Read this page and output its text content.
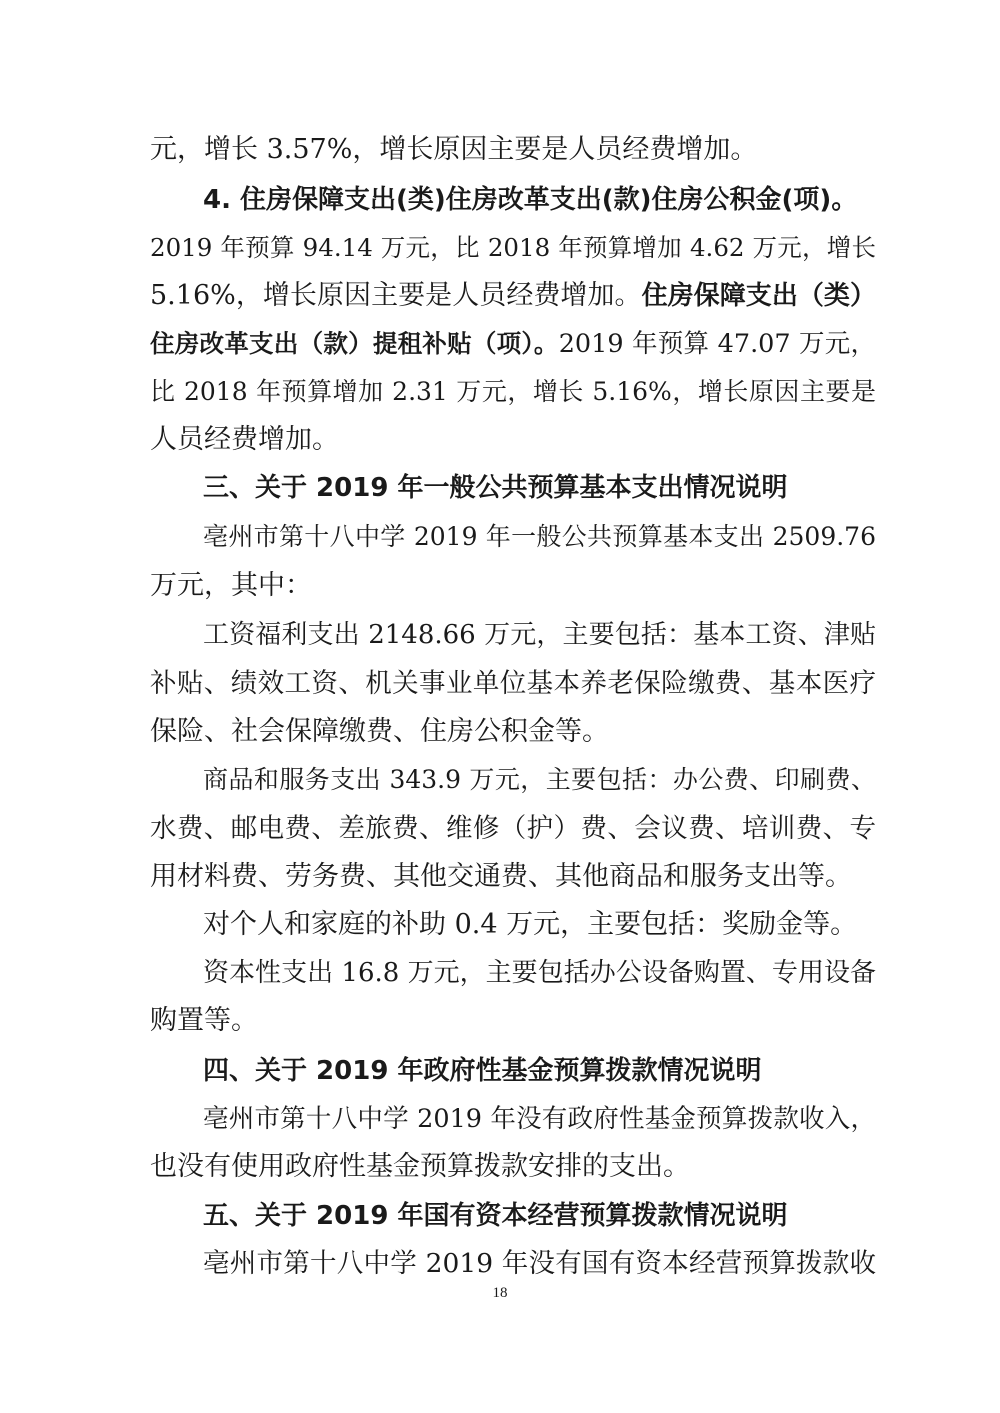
元，增长 3.57%，增长原因主要是人员经费增加。

4. 住房保障支出(类)住房改革支出(款)住房公积金(项)。

2019 年预算 94.14 万元，比 2018 年预算增加 4.62 万元，增长

5.16%，增长原因主要是人员经费增加。住房保障支出（类）

住房改革支出（款）提租补贴（项）。2019 年预算 47.07 万元，

比 2018 年预算增加 2.31 万元，增长 5.16%，增长原因主要是

人员经费增加。

三、关于 2019 年一般公共预算基本支出情况说明

亳州市第十八中学 2019 年一般公共预算基本支出 2509.76

万元，其中：

工资福利支出 2148.66 万元，主要包括：基本工资、津贴

补贴、绩效工资、机关事业单位基本养老保险缴费、基本医疗

保险、社会保障缴费、住房公积金等。

商品和服务支出 343.9 万元，主要包括：办公费、印刷费、

水费、邮电费、差旅费、维修（护）费、会议费、培训费、专

用材料费、劳务费、其他交通费、其他商品和服务支出等。

对个人和家庭的补助 0.4 万元，主要包括：奖励金等。

资本性支出 16.8 万元，主要包括办公设备购置、专用设备

购置等。

四、关于 2019 年政府性基金预算拨款情况说明

亳州市第十八中学 2019 年没有政府性基金预算拨款收入，

也没有使用政府性基金预算拨款安排的支出。

五、关于 2019 年国有资本经营预算拨款情况说明

亳州市第十八中学 2019 年没有国有资本经营预算拨款收

18
